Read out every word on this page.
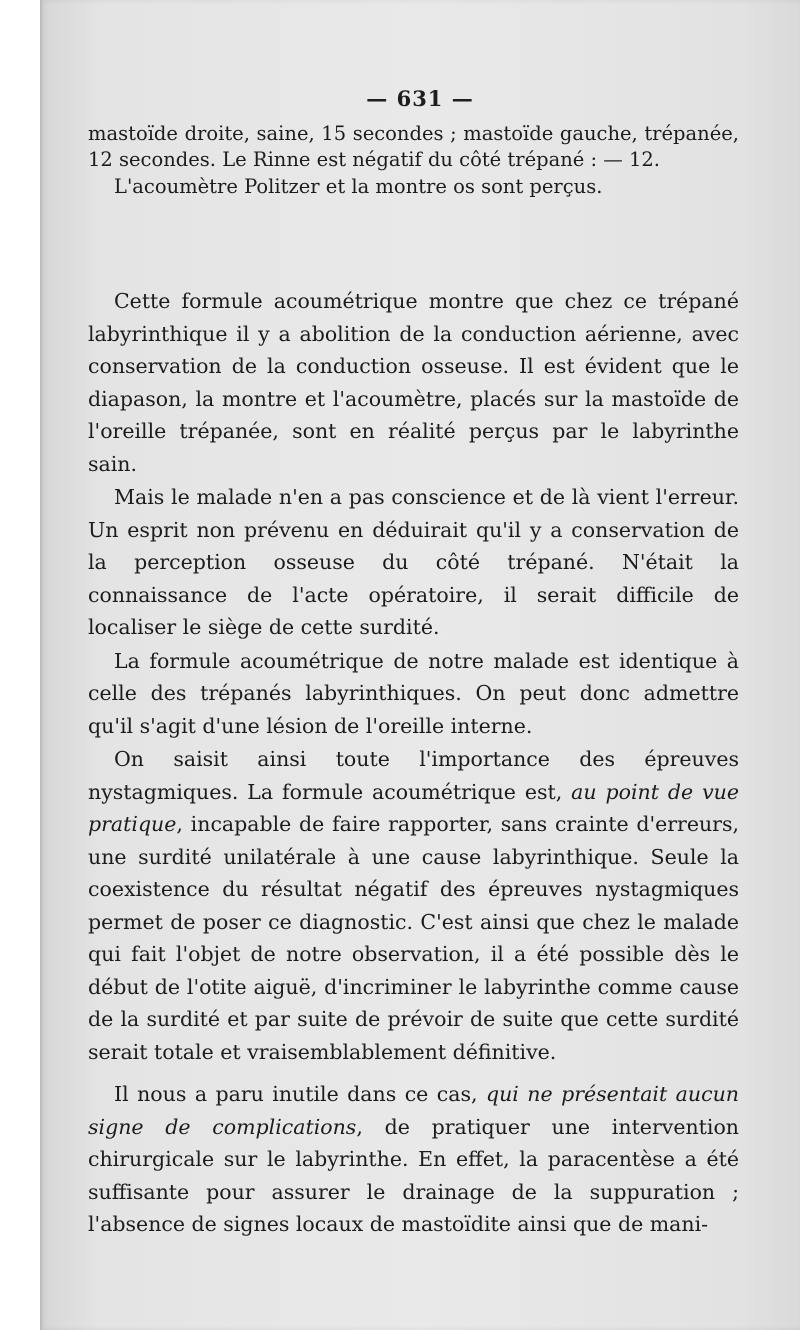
— 631 —

mastoïde droite, saine, 15 secondes ; mastoïde gauche, trépanée, 12 secondes. Le Rinne est négatif du côté trépané : — 12.

L'acoumètre Politzer et la montre os sont perçus.

Cette formule acoumétrique montre que chez ce trépané labyrinthique il y a abolition de la conduction aérienne, avec conservation de la conduction osseuse. Il est évident que le diapason, la montre et l'acoumètre, placés sur la mastoïde de l'oreille trépanée, sont en réalité perçus par le labyrinthe sain.

Mais le malade n'en a pas conscience et de là vient l'erreur. Un esprit non prévenu en déduirait qu'il y a conservation de la perception osseuse du côté trépané. N'était la connaissance de l'acte opératoire, il serait difficile de localiser le siège de cette surdité.

La formule acoumétrique de notre malade est identique à celle des trépanés labyrinthiques. On peut donc admettre qu'il s'agit d'une lésion de l'oreille interne.

On saisit ainsi toute l'importance des épreuves nystagmiques. La formule acoumétrique est, au point de vue pratique, incapable de faire rapporter, sans crainte d'erreurs, une surdité unilatérale à une cause labyrinthique. Seule la coexistence du résultat négatif des épreuves nystagmiques permet de poser ce diagnostic. C'est ainsi que chez le malade qui fait l'objet de notre observation, il a été possible dès le début de l'otite aiguë, d'incriminer le labyrinthe comme cause de la surdité et par suite de prévoir de suite que cette surdité serait totale et vraisemblablement définitive.

Il nous a paru inutile dans ce cas, qui ne présentait aucun signe de complications, de pratiquer une intervention chirurgicale sur le labyrinthe. En effet, la paracentèse a été suffisante pour assurer le drainage de la suppuration ; l'absence de signes locaux de mastoïdite ainsi que de mani-
